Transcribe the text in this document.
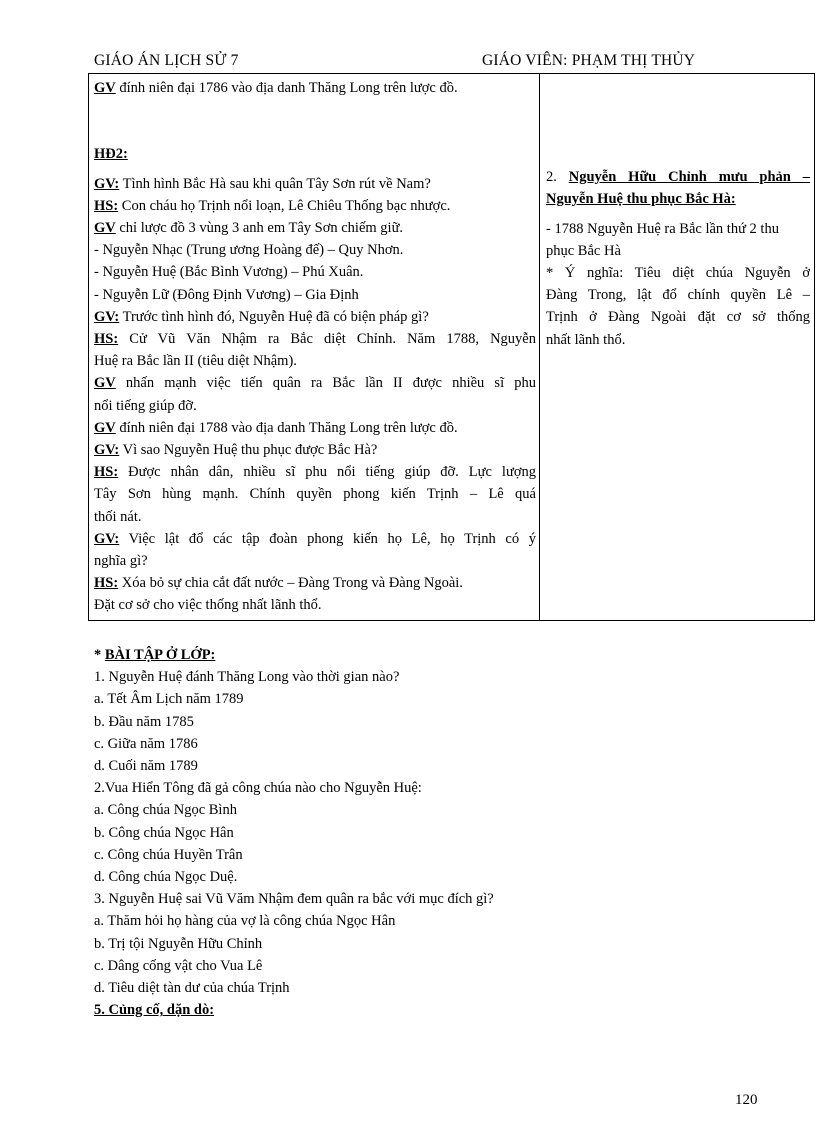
GIÁO ÁN LỊCH SỬ 7	GIÁO VIÊN: PHẠM THỊ THỦY
GV đính niên đại 1786 vào địa danh Thăng Long trên lược đồ.
HĐ2:
GV: Tình hình Bắc Hà sau khi quân Tây Sơn rút về Nam?
HS: Con cháu họ Trịnh nổi loạn, Lê Chiêu Thống bạc nhược.
GV chỉ lược đồ 3 vùng 3 anh em Tây Sơn chiếm giữ.
- Nguyễn Nhạc (Trung ương Hoàng đế) – Quy Nhơn.
- Nguyễn Huệ (Bắc Bình Vương) – Phú Xuân.
- Nguyễn Lữ (Đông Định Vương) – Gia Định
GV: Trước tình hình đó, Nguyễn Huệ đã có biện pháp gì?
HS: Cử Vũ Văn Nhậm ra Bắc diệt Chỉnh. Năm 1788, Nguyễn
Huệ ra Bắc lần II (tiêu diệt Nhậm).
GV nhấn mạnh việc tiến quân ra Bắc lần II được nhiều sĩ phu
nổi tiếng giúp đỡ.
GV đính niên đại 1788 vào địa danh Thăng Long trên lược đồ.
GV: Vì sao Nguyễn Huệ thu phục được Bắc Hà?
HS: Được nhân dân, nhiều sĩ phu nổi tiếng giúp đỡ. Lực lượng
Tây Sơn hùng mạnh. Chính quyền phong kiến Trịnh – Lê quá
thối nát.
GV: Việc lật đổ các tập đoàn phong kiến họ Lê, họ Trịnh có ý
nghĩa gì?
HS: Xóa bỏ sự chia cắt đất nước – Đàng Trong và Đàng Ngoài.
Đặt cơ sở cho việc thống nhất lãnh thổ.
2. Nguyễn Hữu Chỉnh mưu phản –
Nguyễn Huệ thu phục Bắc Hà:
- 1788 Nguyễn Huệ ra Bắc lần thứ 2 thu
phục Bắc Hà
* Ý nghĩa: Tiêu diệt chúa Nguyễn ở
Đàng Trong, lật đổ chính quyền Lê –
Trịnh ở Đàng Ngoài đặt cơ sở thống
nhất lãnh thổ.
* BÀI TẬP Ở LỚP:
1. Nguyễn Huệ đánh Thăng Long vào thời gian nào?
a. Tết Âm Lịch năm 1789
b. Đầu năm 1785
c. Giữa năm 1786
d. Cuối năm 1789
2.Vua Hiển Tông đã gả công chúa nào cho Nguyễn Huệ:
a. Công chúa Ngọc Bình
b. Công chúa Ngọc Hân
c. Công chúa Huyền Trân
d. Công chúa Ngọc Duệ.
3. Nguyễn Huệ sai Vũ Văm Nhậm đem quân ra bắc với mục đích gì?
a. Thăm hỏi họ hàng của vợ là công chúa Ngọc Hân
b. Trị tội Nguyễn Hữu Chỉnh
c. Dâng cống vật cho Vua Lê
d. Tiêu diệt tàn dư của chúa Trịnh
5. Củng cố, dặn dò:
120
